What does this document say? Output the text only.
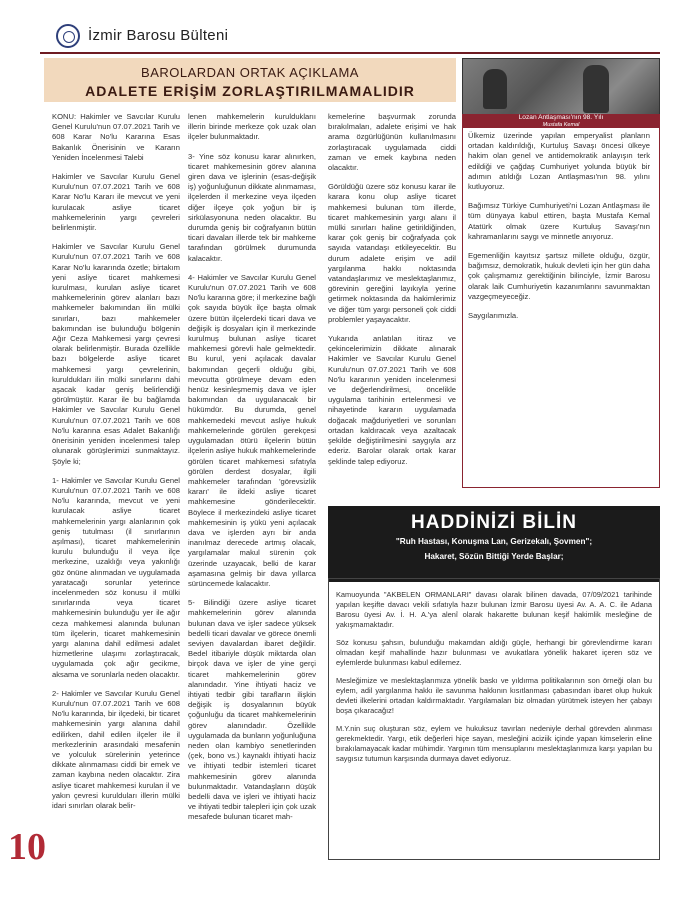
İzmir Barosu Bülteni
BAROLARDAN ORTAK AÇIKLAMA
ADALETE ERİŞİM ZORLAŞTIRILMAMALIDIR

KONU: Hakimler ve Savcılar Kurulu Genel Kurulu'nun 07.07.2021 Tarih ve 608 Karar No'lu Kararına Esas Bakanlık Önerisinin ve Kararın Yeniden İncelenmesi Talebi

Hakimler ve Savcılar Kurulu Genel Kurulu'nun 07.07.2021 Tarih ve 608 Karar No'lu Kararı ile mevcut ve yeni kurulacak asliye ticaret mahkemelerinin yargı çevreleri belirlenmiştir.

Hakimler ve Savcılar Kurulu Genel Kurulu'nun 07.07.2021 Tarih ve 608 Karar No'lu kararında özetle; birtakım yeni asliye ticaret mahkemesi kurulması, kurulan asliye ticaret mahkemelerinin görev alanları bazı mahkemeler bakımından ilin mülki sınırları, bazı mahkemeler bakımından ise bulunduğu bölgenin Ağır Ceza Mahkemesi yargı çevresi olarak belirlenmiştir. Burada özellikle bazı bölgelerde asliye ticaret mahkemesi yargı çevrelerinin, kuruldukları ilin mülki sınırlarını dahi aşacak kadar geniş belirlendiği görülmüştür. Karar ile bu bağlamda Hakimler ve Savcılar Kurulu Genel Kurulu'nun 07.07.2021 Tarih ve 608 No'lu kararına esas Adalet Bakanlığı önerisinin yeniden incelenmesi talep olunarak görüşlerimizi sunmaktayız. Şöyle ki;

1- Hakimler ve Savcılar Kurulu Genel Kurulu'nun 07.07.2021 Tarih ve 608 No'lu kararında, mevcut ve yeni kurulacak asliye ticaret mahkemelerinin yargı alanlarının çok geniş tutulması (il sınırlarının aşılması), ticaret mahkemelerinin kurulu bulunduğu il veya ilçe merkezine, uzaklığı veya yakınlığı göz önüne alınmadan ve uygulamada yaratacağı sorunlar yeterince incelenmeden söz konusu il mülki sınırlarında veya ticaret mahkemesinin bulunduğu yer ile ağır ceza mahkemesi alanında bulunan tüm ilçelerin, ticaret mahkemesinin yargı alanına dahil edilmesi adalet hizmetlerine ulaşımı zorlaştıracak, uygulamada çok ağır gecikme, aksama ve sorunlarla neden olacaktır.

2- Hakimler ve Savcılar Kurulu Genel Kurulu'nun 07.07.2021 Tarih ve 608 No'lu kararında, bir ilçedeki, bir ticaret mahkemesinin yargı alanına dahil edilirken, dahil edilen ilçeler ile il merkezlerinin arasındaki mesafenin ve yolculuk sürelerinin yeterince dikkate alınmaması ciddi bir emek ve zaman kaybına neden olacaktır. Zira asliye ticaret mahkemesi kurulan il ve yakın çevresi kurulduları illerin mülki idari sınırları olarak belir-

lenen mahkemelerin kurulduklarıı illerin birinde merkeze çok uzak olan ilçeler bulunmaktadır.

3- Yine söz konusu karar alınırken, ticaret mahkemesinin görev alanına giren dava ve işlerinin (esas-değişik iş) yoğunluğunun dikkate alınmaması, ilçelerden il merkezine veya ilçeden diğer ilçeye çok yoğun bir iş sirkülasyonuna neden olacaktır. Bu durumda geniş bir coğrafyanın bütün ticari davaları illerde tek bir mahkeme tarafından görülmek durumunda kalacaktır.

4- Hakimler ve Savcılar Kurulu Genel Kurulu'nun 07.07.2021 Tarih ve 608 No'lu kararına göre; il merkezine bağlı çok sayıda büyük ilçe başta olmak üzere bütün ilçelerdeki ticari dava ve değişik iş dosyaları için il merkezinde kurulmuş bulunan asliye ticaret mahkemesi görevli hale gelmektedir. Bu kurul, yeni açılacak davalar bakımından geçerli olduğu gibi, mevcutta görülmeye devam eden henüz kesinleşmemiş dava ve işler bakımından da uygulanacak bir hükümdür. Bu durumda, genel mahkemedeki mevcut asliye hukuk mahkemelerinde görülen gerekçesi uygulamadan ötürü ilçelerin bütün ilçelerin asliye hukuk mahkemelerinde görülen ticaret mahkemesi sıfatıyla görülen derdest dosyalar, ilgili mahkemeler tarafından 'görevsizlik kararı' ile ildeki asliye ticaret mahkemesine gönderilecektir. Böylece il merkezindeki asliye ticaret mahkemesinin iş yükü yeni açılacak dava ve işlerden ayrı bir anda inanılmaz derecede artmış olacak, yargılamalar makul sürenin çok üzerinde uzayacak, belki de karar aşamasına gelmiş bir dava yıllarca sürüncemede kalacaktır.

5- Bilindiği üzere asliye ticaret mahkemelerinin görev alanında bulunan dava ve işler sadece yüksek bedelli ticari davalar ve görece önemli seviyen davalardan ibaret değildir. Bedel itibariyle düşük miktarda olan birçok dava ve işler de yine gerçi ticaret mahkemelerinin görev alanındadır. Yine ihtiyati haciz ve ihtiyati tedbir gibi tarafların ilişkin değişik iş dosyalarının büyük çoğunluğu da ticaret mahkemelerinin görev alanındadır. Özellikle uygulamada da bunların yoğunluğuna neden olan kambiyo senetlerinden (çek, bono vs.) kaynaklı ihtiyati haciz ve ihtiyati tedbir istemleri ticaret mahkemesinin görev alanında bulunmaktadır. Vatandaşların düşük bedelli dava ve işleri ve ihtiyati haciz ve ihtiyati tedbir talepleri için çok uzak mesafede bulunan ticaret mah-

kemelerine başvurmak zorunda bırakılmaları, adalete erişimi ve hak arama özgürlüğünün kullanılmasını zorlaştıracak uygulamada ciddi zaman ve emek kaybına neden olacaktır.

Görüldüğü üzere söz konusu karar ile karara konu olup asliye ticaret mahkemesi bulunan tüm illerde, ticaret mahkemesinin yargı alanı il mülki sınırları haline getirildiğinden, karar çok geniş bir coğrafyada çok sayıda vatandaşı etkileyecektir. Bu durum adalete erişim ve adil yargılanma hakkı noktasında vatandaşlarımız ve meslektaşlarımız, görevinin gereğini layıkıyla yerine getirmek noktasında da hakimlerimiz ve diğer tüm yargı personeli çok ciddi problemler yaşayacaktır.

Yukarıda anlatılan itiraz ve çekincelerimizin dikkate alınarak Hakimler ve Savcılar Kurulu Genel Kurulu'nun 07.07.2021 Tarih ve 608 No'lu kararının yeniden incelenmesi ve değerlendirilmesi, öncelikle uygulama tarihinin ertelenmesi ve nihayetinde kararın uygulamada doğacak mağduriyetleri ve sorunları ortadan kaldıracak veya azaltacak şekilde değiştirilmesini saygıyla arz ederiz. Barolar olarak ortak karar şeklinde talep ediyoruz.

Lozan Antlaşması'nın 98. Yılı
Mustafa Kemal

Ülkemiz üzerinde yapılan emperyalist planların ortadan kaldırıldığı, Kurtuluş Savaşı öncesi ülkeye hakim olan genel ve antidemokratik anlayışın terk edildiği ve çağdaş Cumhuriyet yolunda büyük bir adımın atıldığı Lozan Antlaşması'nın 98. yılını kutluyoruz.

Bağımsız Türkiye Cumhuriyeti'ni Lozan Antlaşması ile tüm dünyaya kabul ettiren, başta Mustafa Kemal Atatürk olmak üzere Kurtuluş Savaşı'nın kahramanlarını saygı ve minnetle anıyoruz.

Egemenliğin kayıtsız şartsız millete olduğu, özgür, bağımsız, demokratik, hukuk devleti için her gün daha çok çalışmamız gerektiğinin bilinciyle, İzmir Barosu olarak laik Cumhuriyetin kazanımlarını savunmaktan vazgeçmeyeceğiz.

Saygılarımızla.

HADDİNİZİ BİLİN
"Ruh Hastası, Konuşma Lan, Gerizekalı, Şovmen";
Hakaret, Sözün Bittiği Yerde Başlar;

Kamuoyunda "AKBELEN ORMANLARI" davası olarak bilinen davada, 07/09/2021 tarihinde yapılan keşifte davacı vekili sıfatıyla hazır bulunan İzmir Barosu üyesi Av. A. A. C. ile Adana Barosu üyesi Av. İ. H. A.'ya alenî olarak hakarette bulunan keşif hakimlik mesleğine de yakışmamaktadır.

Söz konusu şahsın, bulunduğu makamdan aldığı güçle, herhangi bir görevlendirme kararı olmadan keşif mahallinde hazır bulunması ve avukatlara yönelik hakaret içeren söz ve eylemlerde bulunması kabul edilemez.

Mesleğimize ve meslektaşlarımıza yönelik baskı ve yıldırma politikalarının son örneği olan bu eylem, adil yargılanma hakkı ile savunma hakkının kısıtlanması çabasından ibaret olup hukuk devleti ilkelerini ortadan kaldırmaktadır. Yargılamaları biz olmadan yürütmek isteyen her çabayı boşa çıkaracağız!

M.Y.nin suç oluşturan söz, eylem ve hukuksuz tavırları nedeniyle derhal görevden alınması gerekmektedir. Yargı, etik değerleri hiçe sayan, mesleğini aciziik içinde yapan kimselerin eline bırakılamayacak kadar mühimdir. Yargının tüm mensuplarını meslektaşlarımıza karşı yapılan bu saygısız tutumun karşısında durmaya davet ediyoruz.

10
